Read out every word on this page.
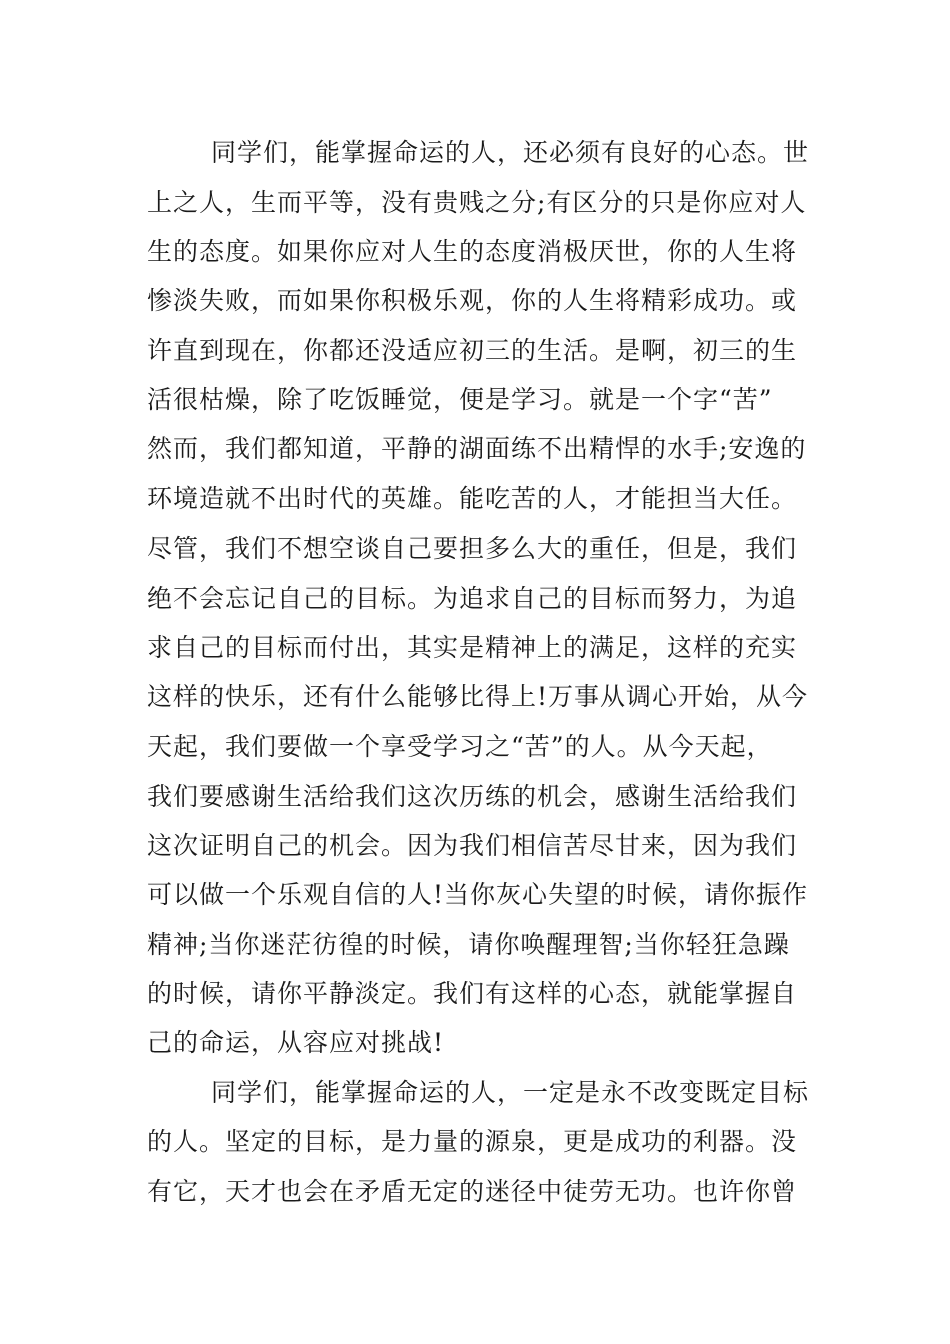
同学们，能掌握命运的人，还必须有良好的心态。世
上之人，生而平等，没有贵贱之分;有区分的只是你应对人
生的态度。如果你应对人生的态度消极厌世，你的人生将
惨淡失败，而如果你积极乐观，你的人生将精彩成功。或
许直到现在，你都还没适应初三的生活。是啊，初三的生
活很枯燥，除了吃饭睡觉，便是学习。就是一个字“苦”
然而，我们都知道，平静的湖面练不出精悍的水手;安逸的
环境造就不出时代的英雄。能吃苦的人，才能担当大任。
尽管，我们不想空谈自己要担多么大的重任，但是，我们
绝不会忘记自己的目标。为追求自己的目标而努力，为追
求自己的目标而付出，其实是精神上的满足，这样的充实
这样的快乐，还有什么能够比得上!万事从调心开始，从今
天起，我们要做一个享受学习之“苦”的人。从今天起，
我们要感谢生活给我们这次历练的机会，感谢生活给我们
这次证明自己的机会。因为我们相信苦尽甘来，因为我们
可以做一个乐观自信的人!当你灰心失望的时候，请你振作
精神;当你迷茫彷徨的时候，请你唤醒理智;当你轻狂急躁
的时候，请你平静淡定。我们有这样的心态，就能掌握自
己的命运，从容应对挑战!
同学们，能掌握命运的人，一定是永不改变既定目标
的人。坚定的目标，是力量的源泉，更是成功的利器。没
有它，天才也会在矛盾无定的迷径中徒劳无功。也许你曾
